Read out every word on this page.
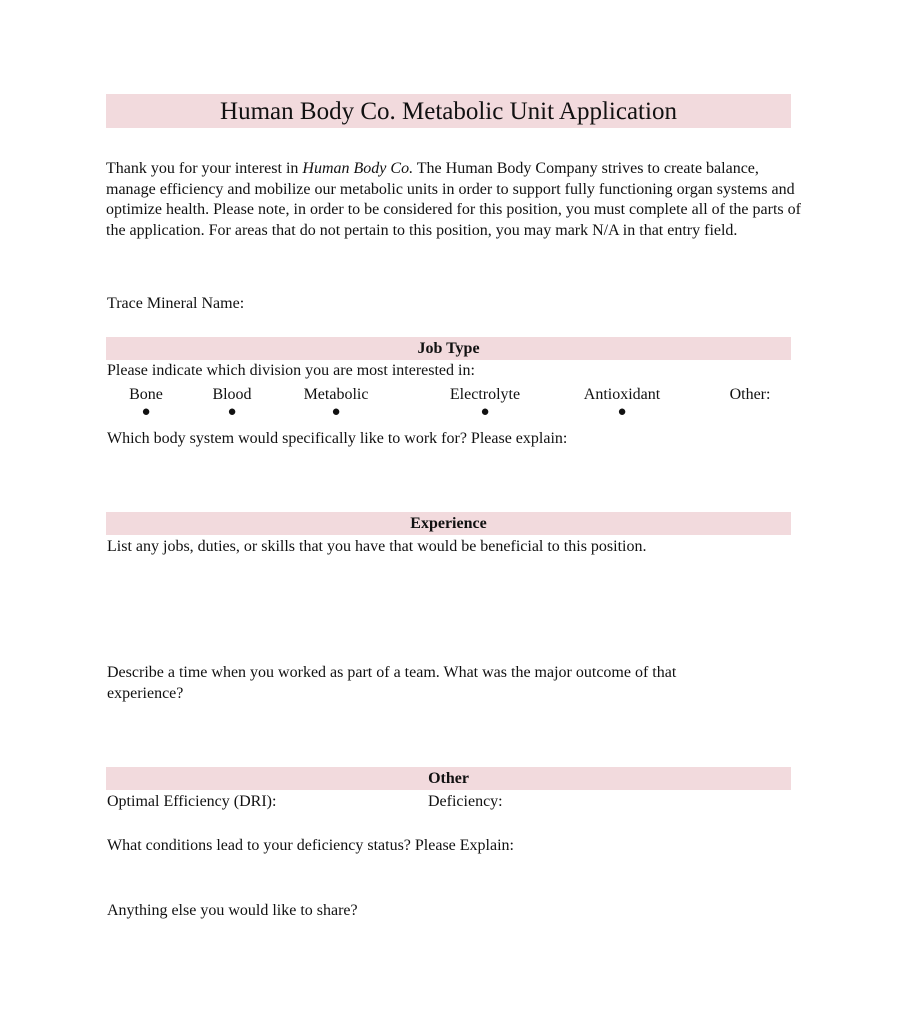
Human Body Co. Metabolic Unit Application
Thank you for your interest in Human Body Co. The Human Body Company strives to create balance, manage efficiency and mobilize our metabolic units in order to support fully functioning organ systems and optimize health. Please note, in order to be considered for this position, you must complete all of the parts of the application. For areas that do not pertain to this position, you may mark N/A in that entry field.
Trace Mineral Name:
Job Type
Please indicate which division you are most interested in:
Bone	Blood	Metabolic	Electrolyte	Antioxidant	Other:
●	●	●	●	●
Which body system would specifically like to work for? Please explain:
Experience
List any jobs, duties, or skills that you have that would be beneficial to this position.
Describe a time when you worked as part of a team. What was the major outcome of that
experience?
Other
Optimal Efficiency (DRI):	Deficiency:
What conditions lead to your deficiency status? Please Explain:
Anything else you would like to share?
